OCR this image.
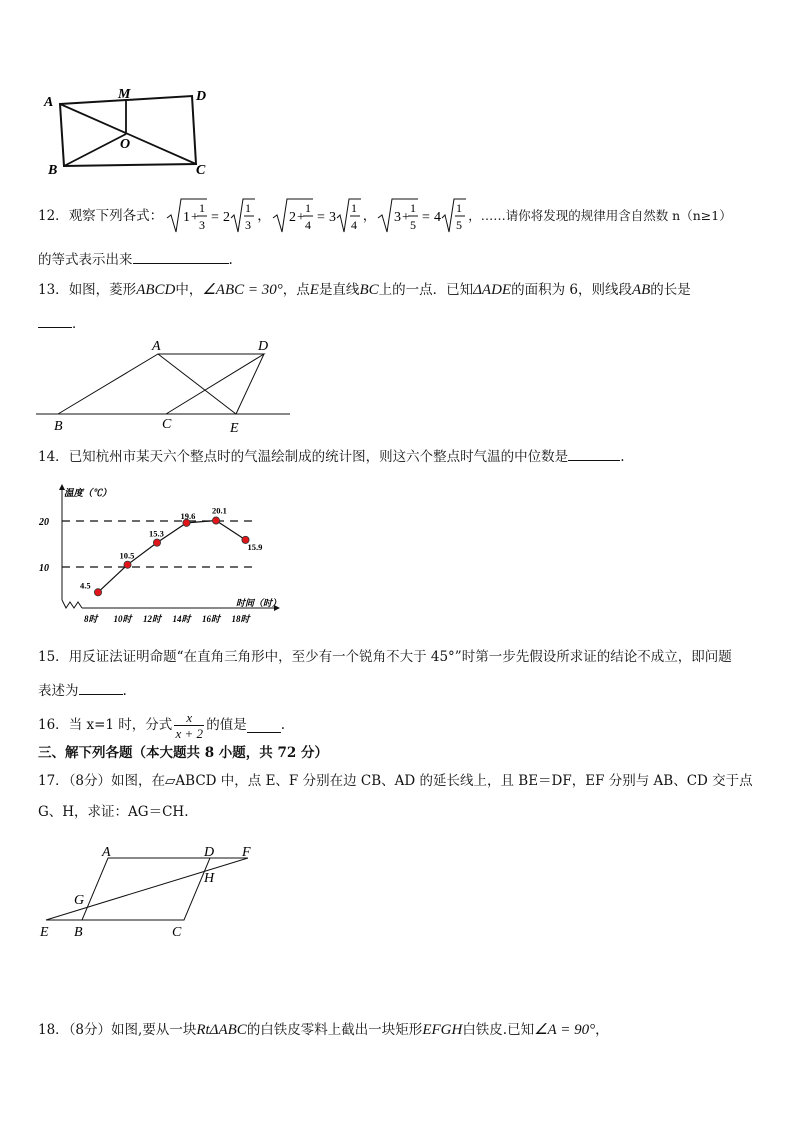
A
M	D
O
B	C
12． 观察下列各式： 1 +
1
3 = 2
1
3
， 2 +
1
4 = 3
1
4
， 3 +
1
5 = 4
1
5
，……请你将发现的规律用含自然数 n（n≥1）
的等式表示出来	.
13．如图，菱形ABCD中，∠ABC = 30°，点E是直线BC上的一点．已知ΔADE的面积为 6，则线段AB的长是
．
A	D
B	C	E
14．已知杭州市某天六个整点时的气温绘制成的统计图，则这六个整点时气温的中位数是	.
温度（℃）
时间（时）
10
20
8时 10时 12时 14时 16时 18时
4.5
10.5
15.3
19.6
20.1
15.9
15．用反证法证明命题“在直角三角形中，至少有一个锐角不大于 45°”时第一步先假设所求证的结论不成立，即问题
表述为	.
16． 当 x=1 时，分式 x
x + 2 的值是	.
三、解下列各题（本大题共 8 小题，共 72 分）
17．（8分）如图，在▱ABCD 中，点 E、F 分别在边 CB、AD 的延长线上，且 BE＝DF，EF 分别与 AB、CD 交于点
G、H，求证：AG＝CH.
A	D F
H
G
E B	C
18．（8分）如图,要从一块RtΔABC的白铁皮零料上截出一块矩形EFGH白铁皮.已知∠A = 90°，
